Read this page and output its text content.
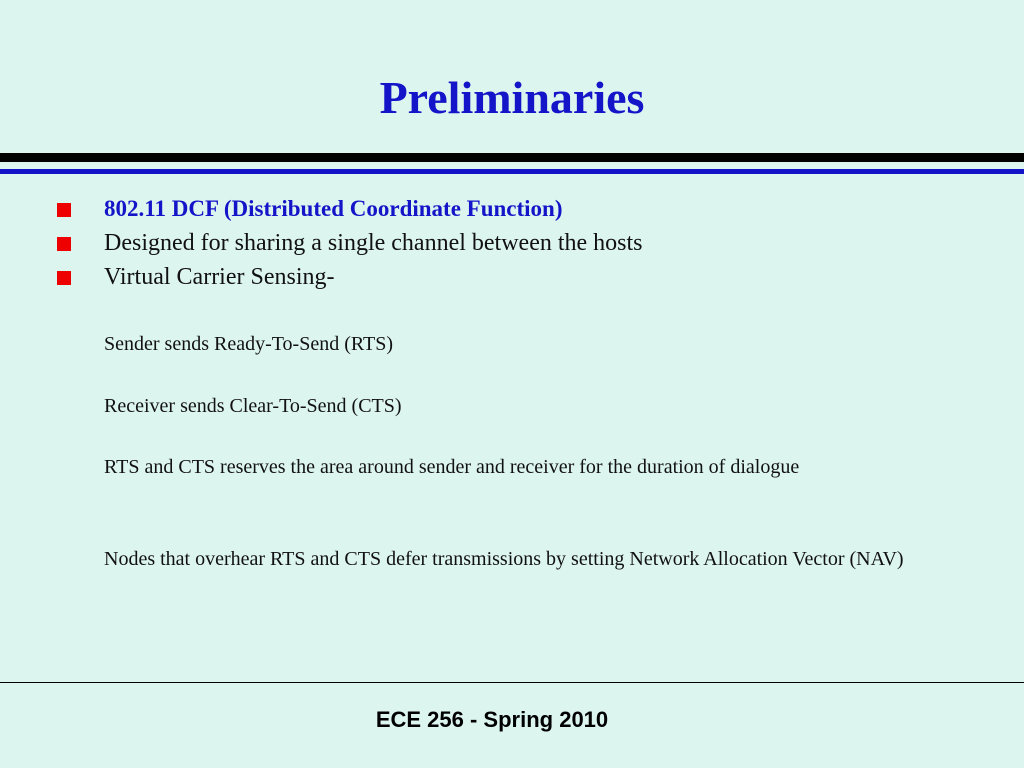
Preliminaries
802.11 DCF (Distributed Coordinate Function)
Designed for sharing a single channel between the hosts
Virtual Carrier Sensing-
Sender sends Ready-To-Send (RTS)
Receiver sends Clear-To-Send (CTS)
RTS and CTS reserves the area around sender and receiver for the duration of dialogue
Nodes that overhear RTS and CTS defer transmissions by setting Network Allocation Vector (NAV)
ECE 256 - Spring 2010
